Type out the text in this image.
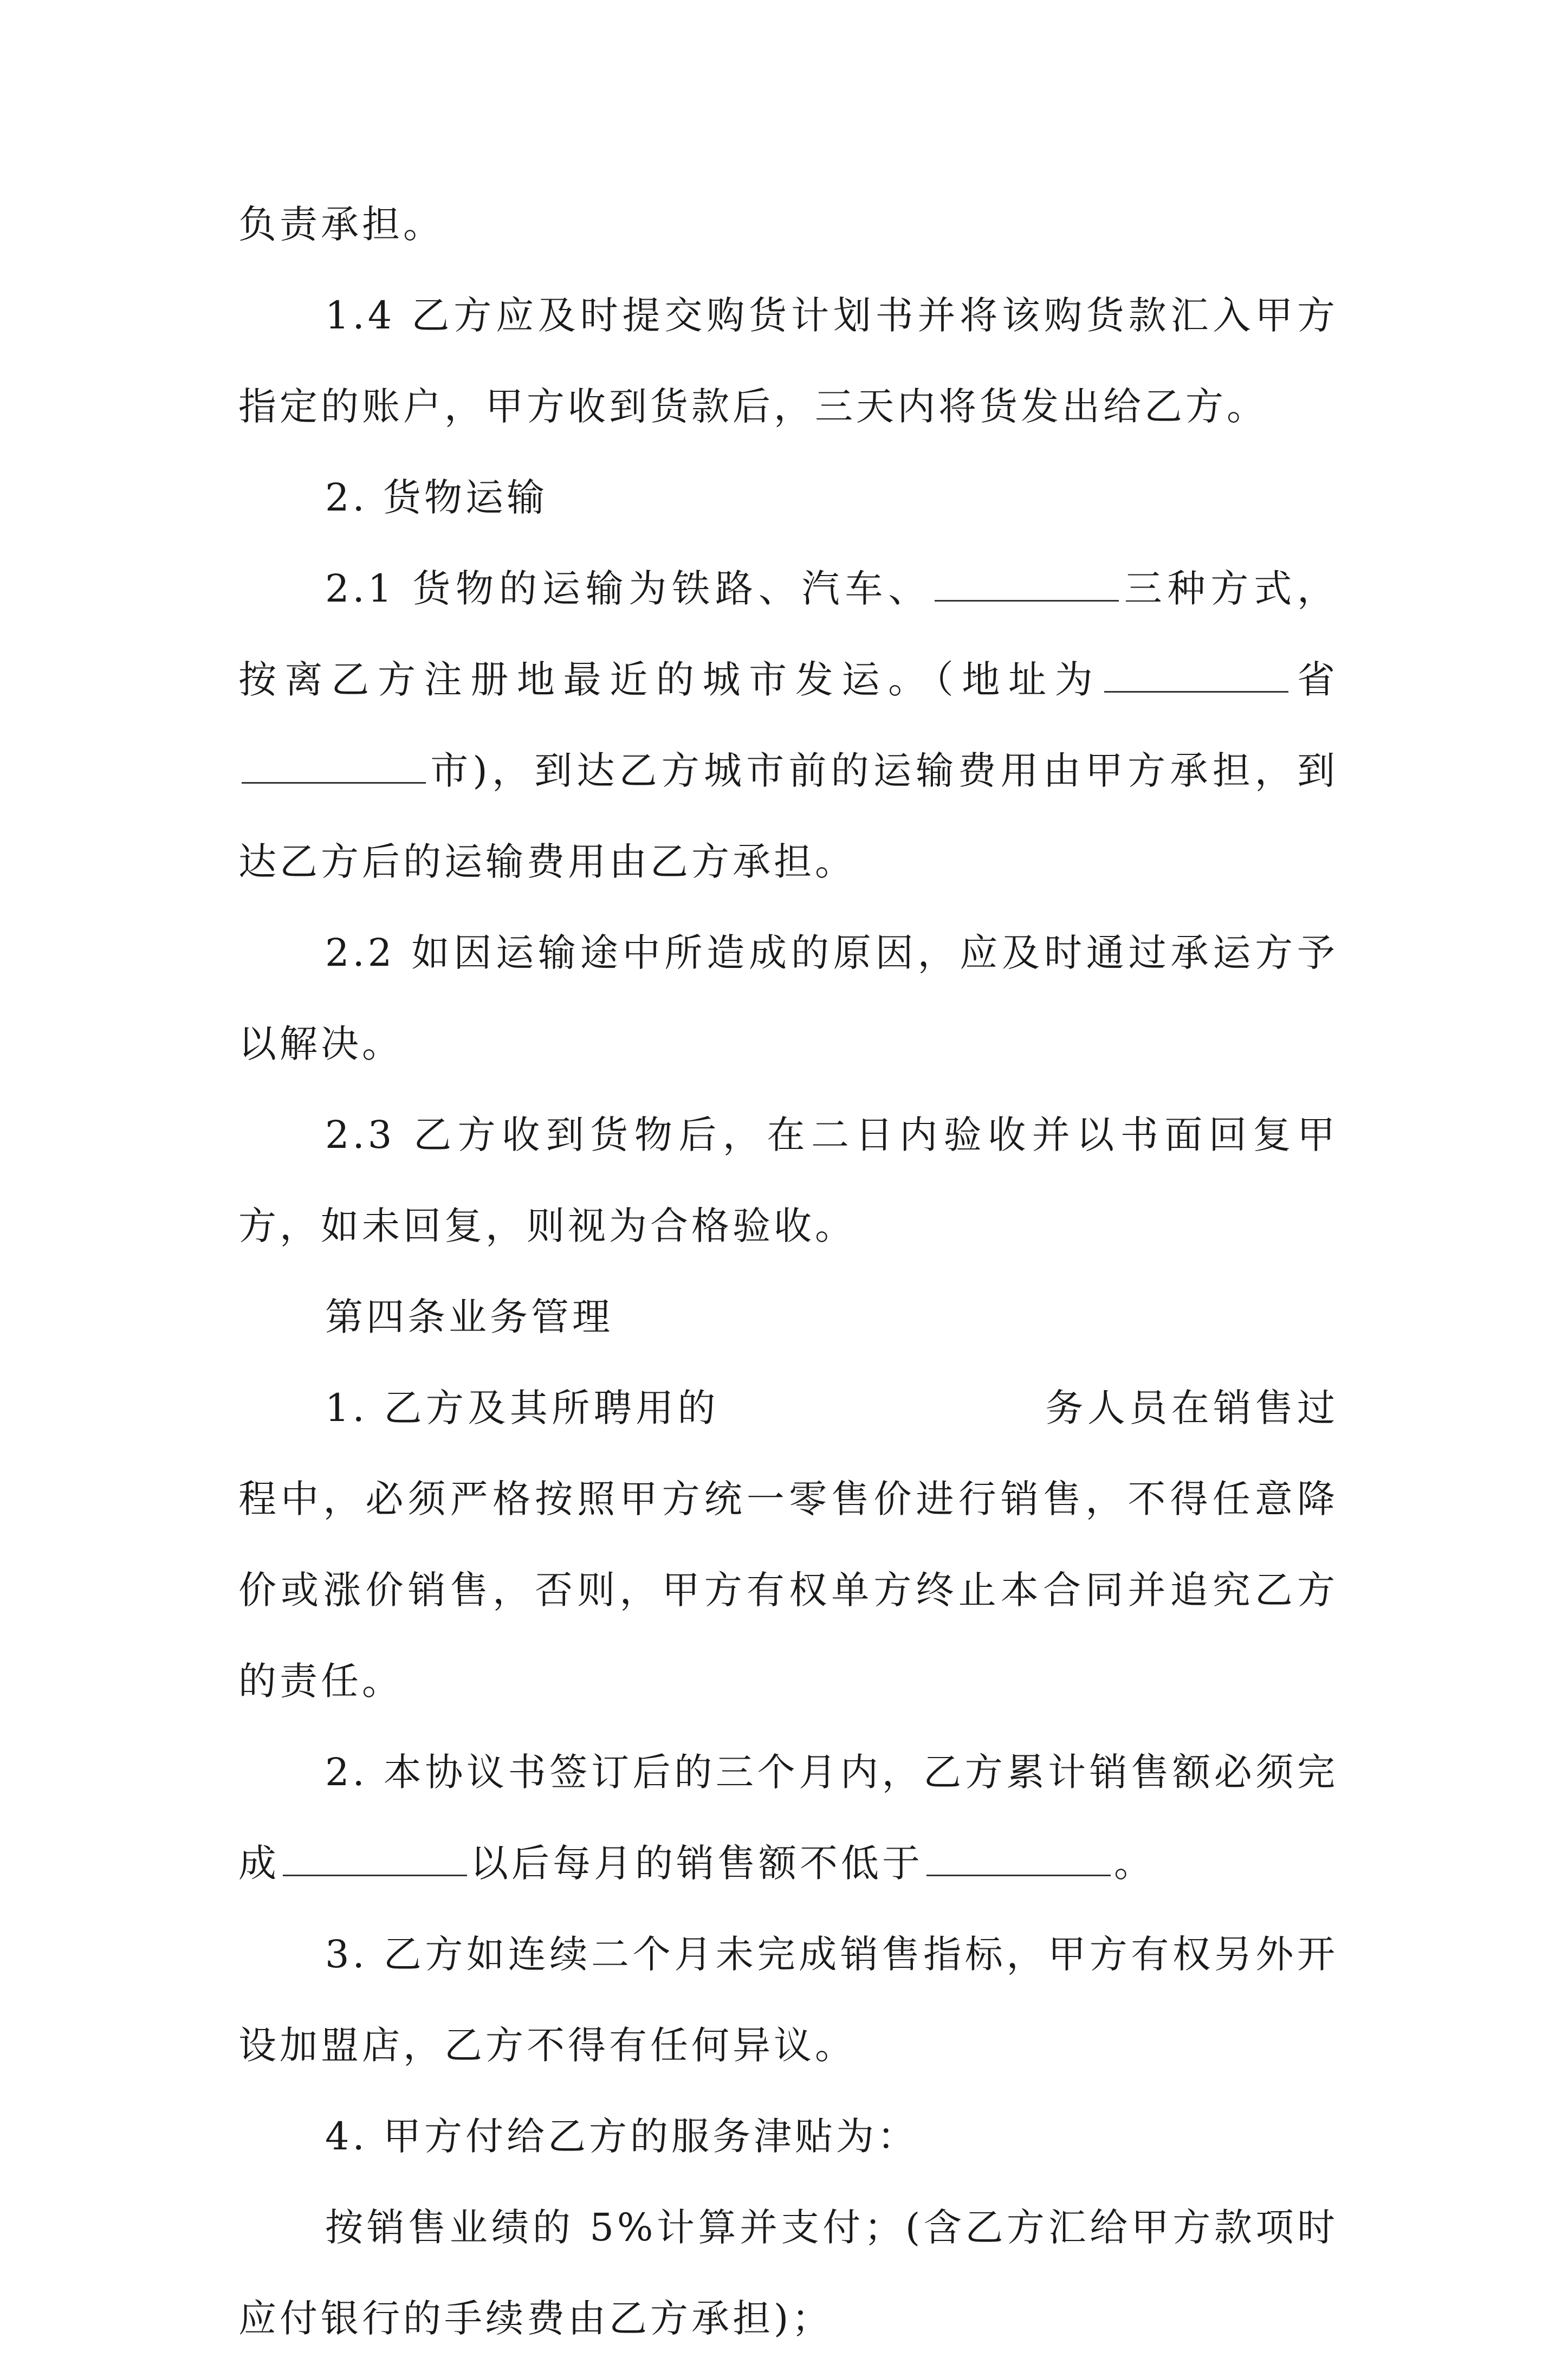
负责承担。

1.4 乙方应及时提交购货计划书并将该购货款汇入甲方指定的账户，甲方收到货款后，三天内将货发出给乙方。

2. 货物运输

2.1 货物的运输为铁路、汽车、	三种方式，按离乙方注册地最近的城市发运。（地址为	省市)，到达乙方城市前的运输费用由甲方承担，到达乙方后的运输费用由乙方承担。

2.2 如因运输途中所造成的原因，应及时通过承运方予以解决。

2.3 乙方收到货物后，在二日内验收并以书面回复甲方，如未回复，则视为合格验收。

第四条业务管理

1. 乙方及其所聘用的	务人员在销售过程中，必须严格按照甲方统一零售价进行销售，不得任意降价或涨价销售，否则，甲方有权单方终止本合同并追究乙方的责任。

2. 本协议书签订后的三个月内，乙方累计销售额必须完成	以后每月的销售额不低于	。

3. 乙方如连续二个月未完成销售指标，甲方有权另外开设加盟店，乙方不得有任何异议。

4. 甲方付给乙方的服务津贴为：

按销售业绩的 5%计算并支付；(含乙方汇给甲方款项时应付银行的手续费由乙方承担)；
